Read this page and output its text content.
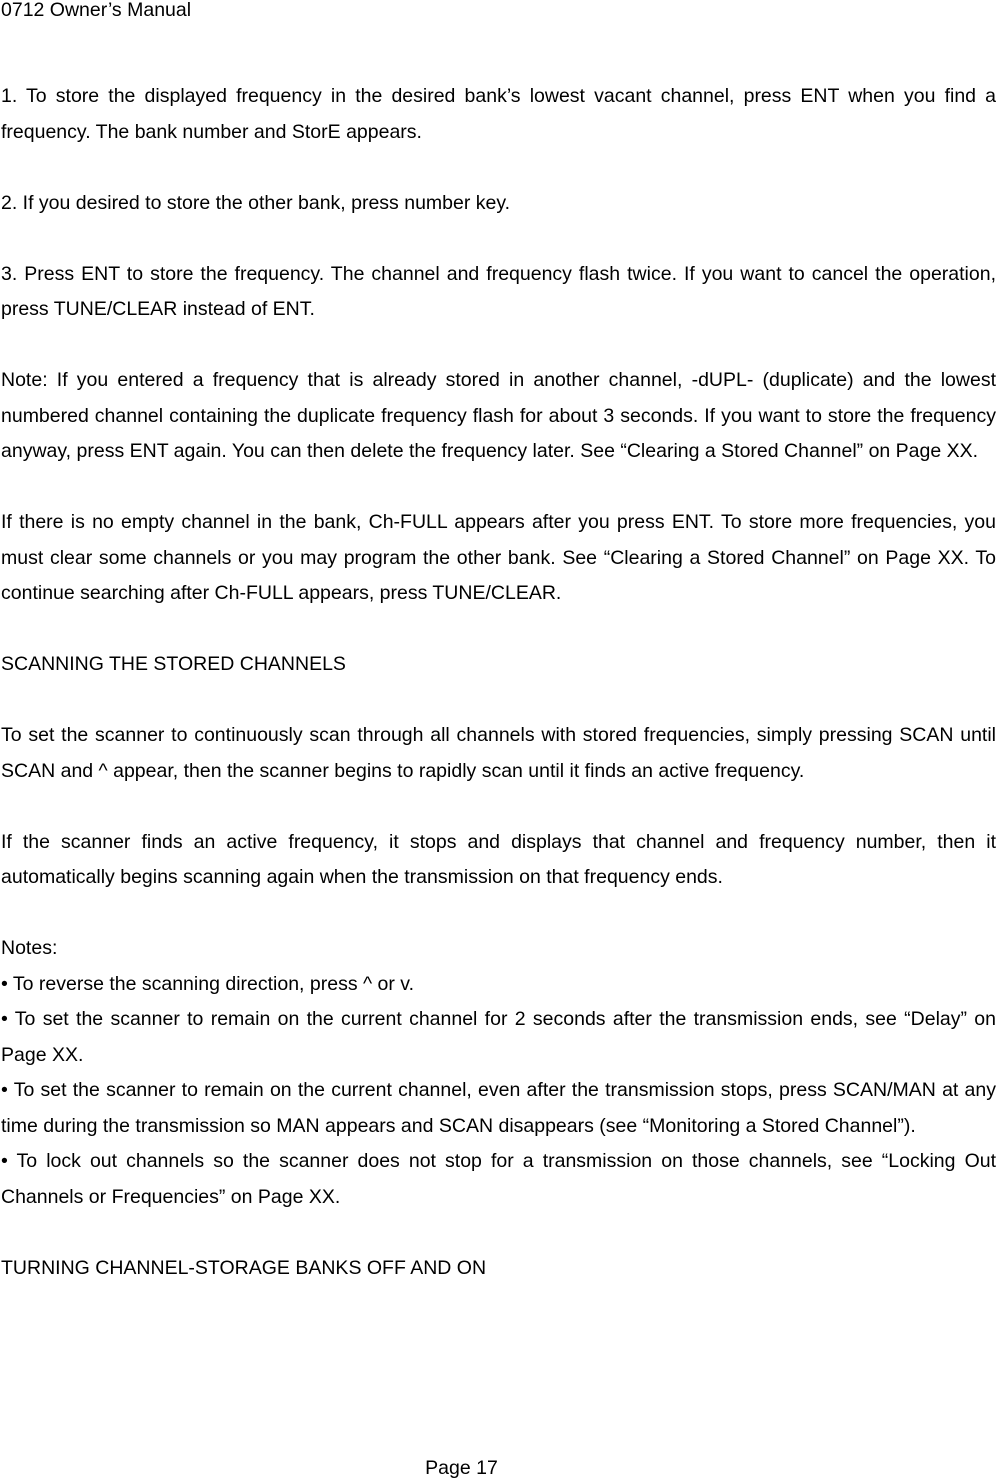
0712 Owner’s Manual

1. To store the displayed frequency in the desired bank’s lowest vacant channel, press ENT when you find a frequency. The bank number and StorE appears.

2. If you desired to store the other bank, press number key.

3. Press ENT to store the frequency. The channel and frequency flash twice. If you want to cancel the operation, press TUNE/CLEAR instead of ENT.

Note: If you entered a frequency that is already stored in another channel, -dUPL- (duplicate) and the lowest numbered channel containing the duplicate frequency flash for about 3 seconds. If you want to store the frequency anyway, press ENT again. You can then delete the frequency later. See “Clearing a Stored Channel” on Page XX.

If there is no empty channel in the bank, Ch-FULL appears after you press ENT. To store more frequencies, you must clear some channels or you may program the other bank. See “Clearing a Stored Channel” on Page XX. To continue searching after Ch-FULL appears, press TUNE/CLEAR.

SCANNING THE STORED CHANNELS

To set the scanner to continuously scan through all channels with stored frequencies, simply pressing SCAN until SCAN and ^ appear, then the scanner begins to rapidly scan until it finds an active frequency.

If the scanner finds an active frequency, it stops and displays that channel and frequency number, then it automatically begins scanning again when the transmission on that frequency ends.

Notes:

• To reverse the scanning direction, press ^ or v.

• To set the scanner to remain on the current channel for 2 seconds after the transmission ends, see “Delay” on Page XX.

• To set the scanner to remain on the current channel, even after the transmission stops, press SCAN/MAN at any time during the transmission so MAN appears and SCAN disappears (see “Monitoring a Stored Channel”).

• To lock out channels so the scanner does not stop for a transmission on those channels, see “Locking Out Channels or Frequencies” on Page XX.

TURNING CHANNEL-STORAGE BANKS OFF AND ON
Page 17
